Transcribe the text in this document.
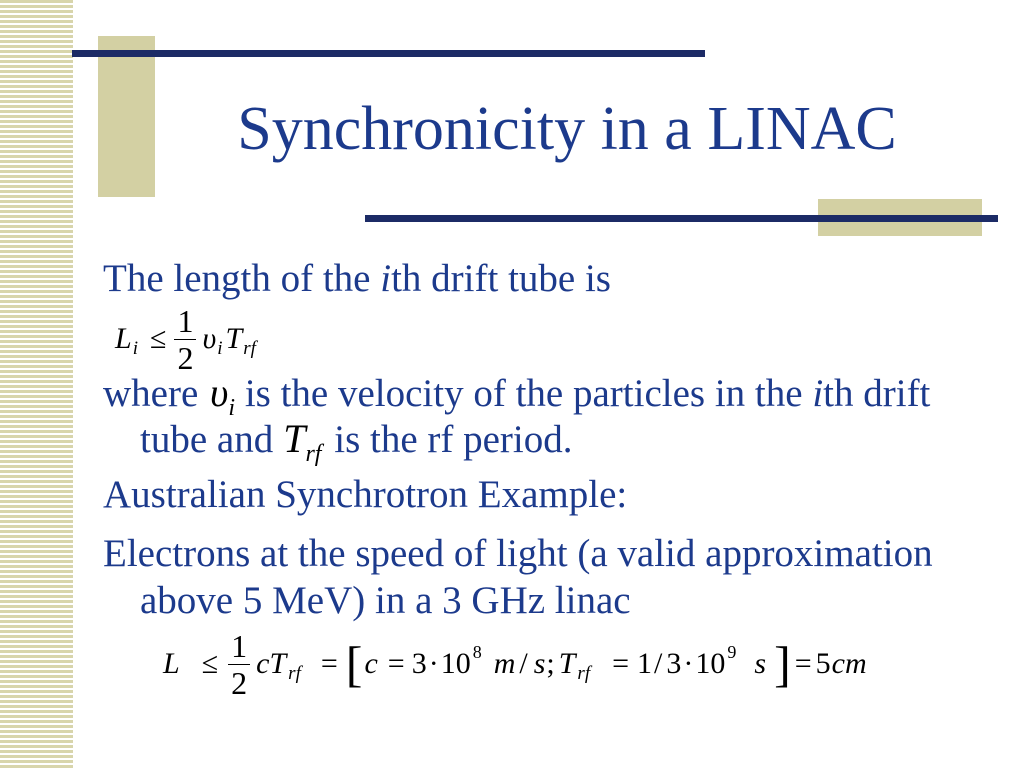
Synchronicity in a LINAC
The length of the ith drift tube is
L $i \le \frac{1}{2}$ υ i T rf
where $\upsilon_i$ is the velocity of the particles in the ith drift
tube and $T_{rf}$ is the rf period.
Australian Synchrotron Example:
Electrons at the speed of light (a valid approximation
above 5 MeV) in a 3 GHz linac
$L \le \frac{1}{2}$ c T rf = [ c = 3 · 10 8 m / s ; T rf = 1 / 3 · 10 9 s ] = 5 cm
